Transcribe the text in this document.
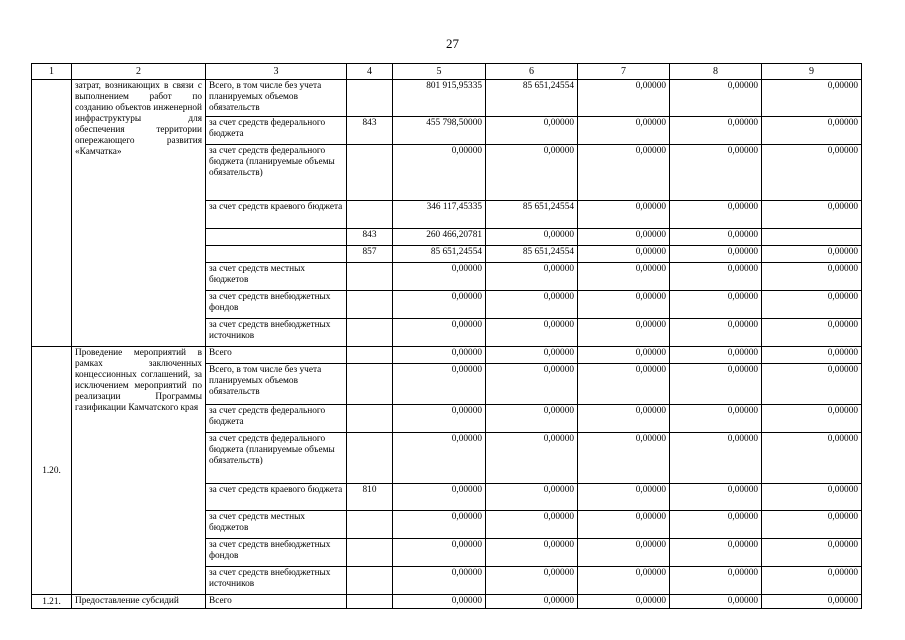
27
1	2	3	4	5	6	7	8	9
	затрат, возникающих в связи с выполнением работ по созданию объектов инженерной инфраструктуры для обеспечения территории опережающего развития «Камчатка»	Всего, в том числе без учета планируемых объемов обязательств		801 915,95335	85 651,24554	0,00000	0,00000	0,00000
		за счет средств федерального бюджета	843	455 798,50000	0,00000	0,00000	0,00000	0,00000
		за счет средств федерального бюджета (планируемые объемы обязательств)		0,00000	0,00000	0,00000	0,00000	0,00000
		за счет средств краевого бюджета		346 117,45335	85 651,24554	0,00000	0,00000	0,00000
			843	260 466,20781	0,00000	0,00000	0,00000	
			857	85 651,24554	85 651,24554	0,00000	0,00000	0,00000
		за счет средств местных бюджетов		0,00000	0,00000	0,00000	0,00000	0,00000
		за счет средств внебюджетных фондов		0,00000	0,00000	0,00000	0,00000	0,00000
		за счет средств внебюджетных источников		0,00000	0,00000	0,00000	0,00000	0,00000
1.20.	Проведение мероприятий в рамках заключенных концессионных соглашений, за исключением мероприятий по реализации Программы газификации Камчатского края	Всего		0,00000	0,00000	0,00000	0,00000	0,00000
		Всего, в том числе без учета планируемых объемов обязательств		0,00000	0,00000	0,00000	0,00000	0,00000
		за счет средств федерального бюджета		0,00000	0,00000	0,00000	0,00000	0,00000
		за счет средств федерального бюджета (планируемые объемы обязательств)		0,00000	0,00000	0,00000	0,00000	0,00000
		за счет средств краевого бюджета	810	0,00000	0,00000	0,00000	0,00000	0,00000
		за счет средств местных бюджетов		0,00000	0,00000	0,00000	0,00000	0,00000
		за счет средств внебюджетных фондов		0,00000	0,00000	0,00000	0,00000	0,00000
		за счет средств внебюджетных источников		0,00000	0,00000	0,00000	0,00000	0,00000
1.21.	Предоставление субсидий	Всего		0,00000	0,00000	0,00000	0,00000	0,00000
